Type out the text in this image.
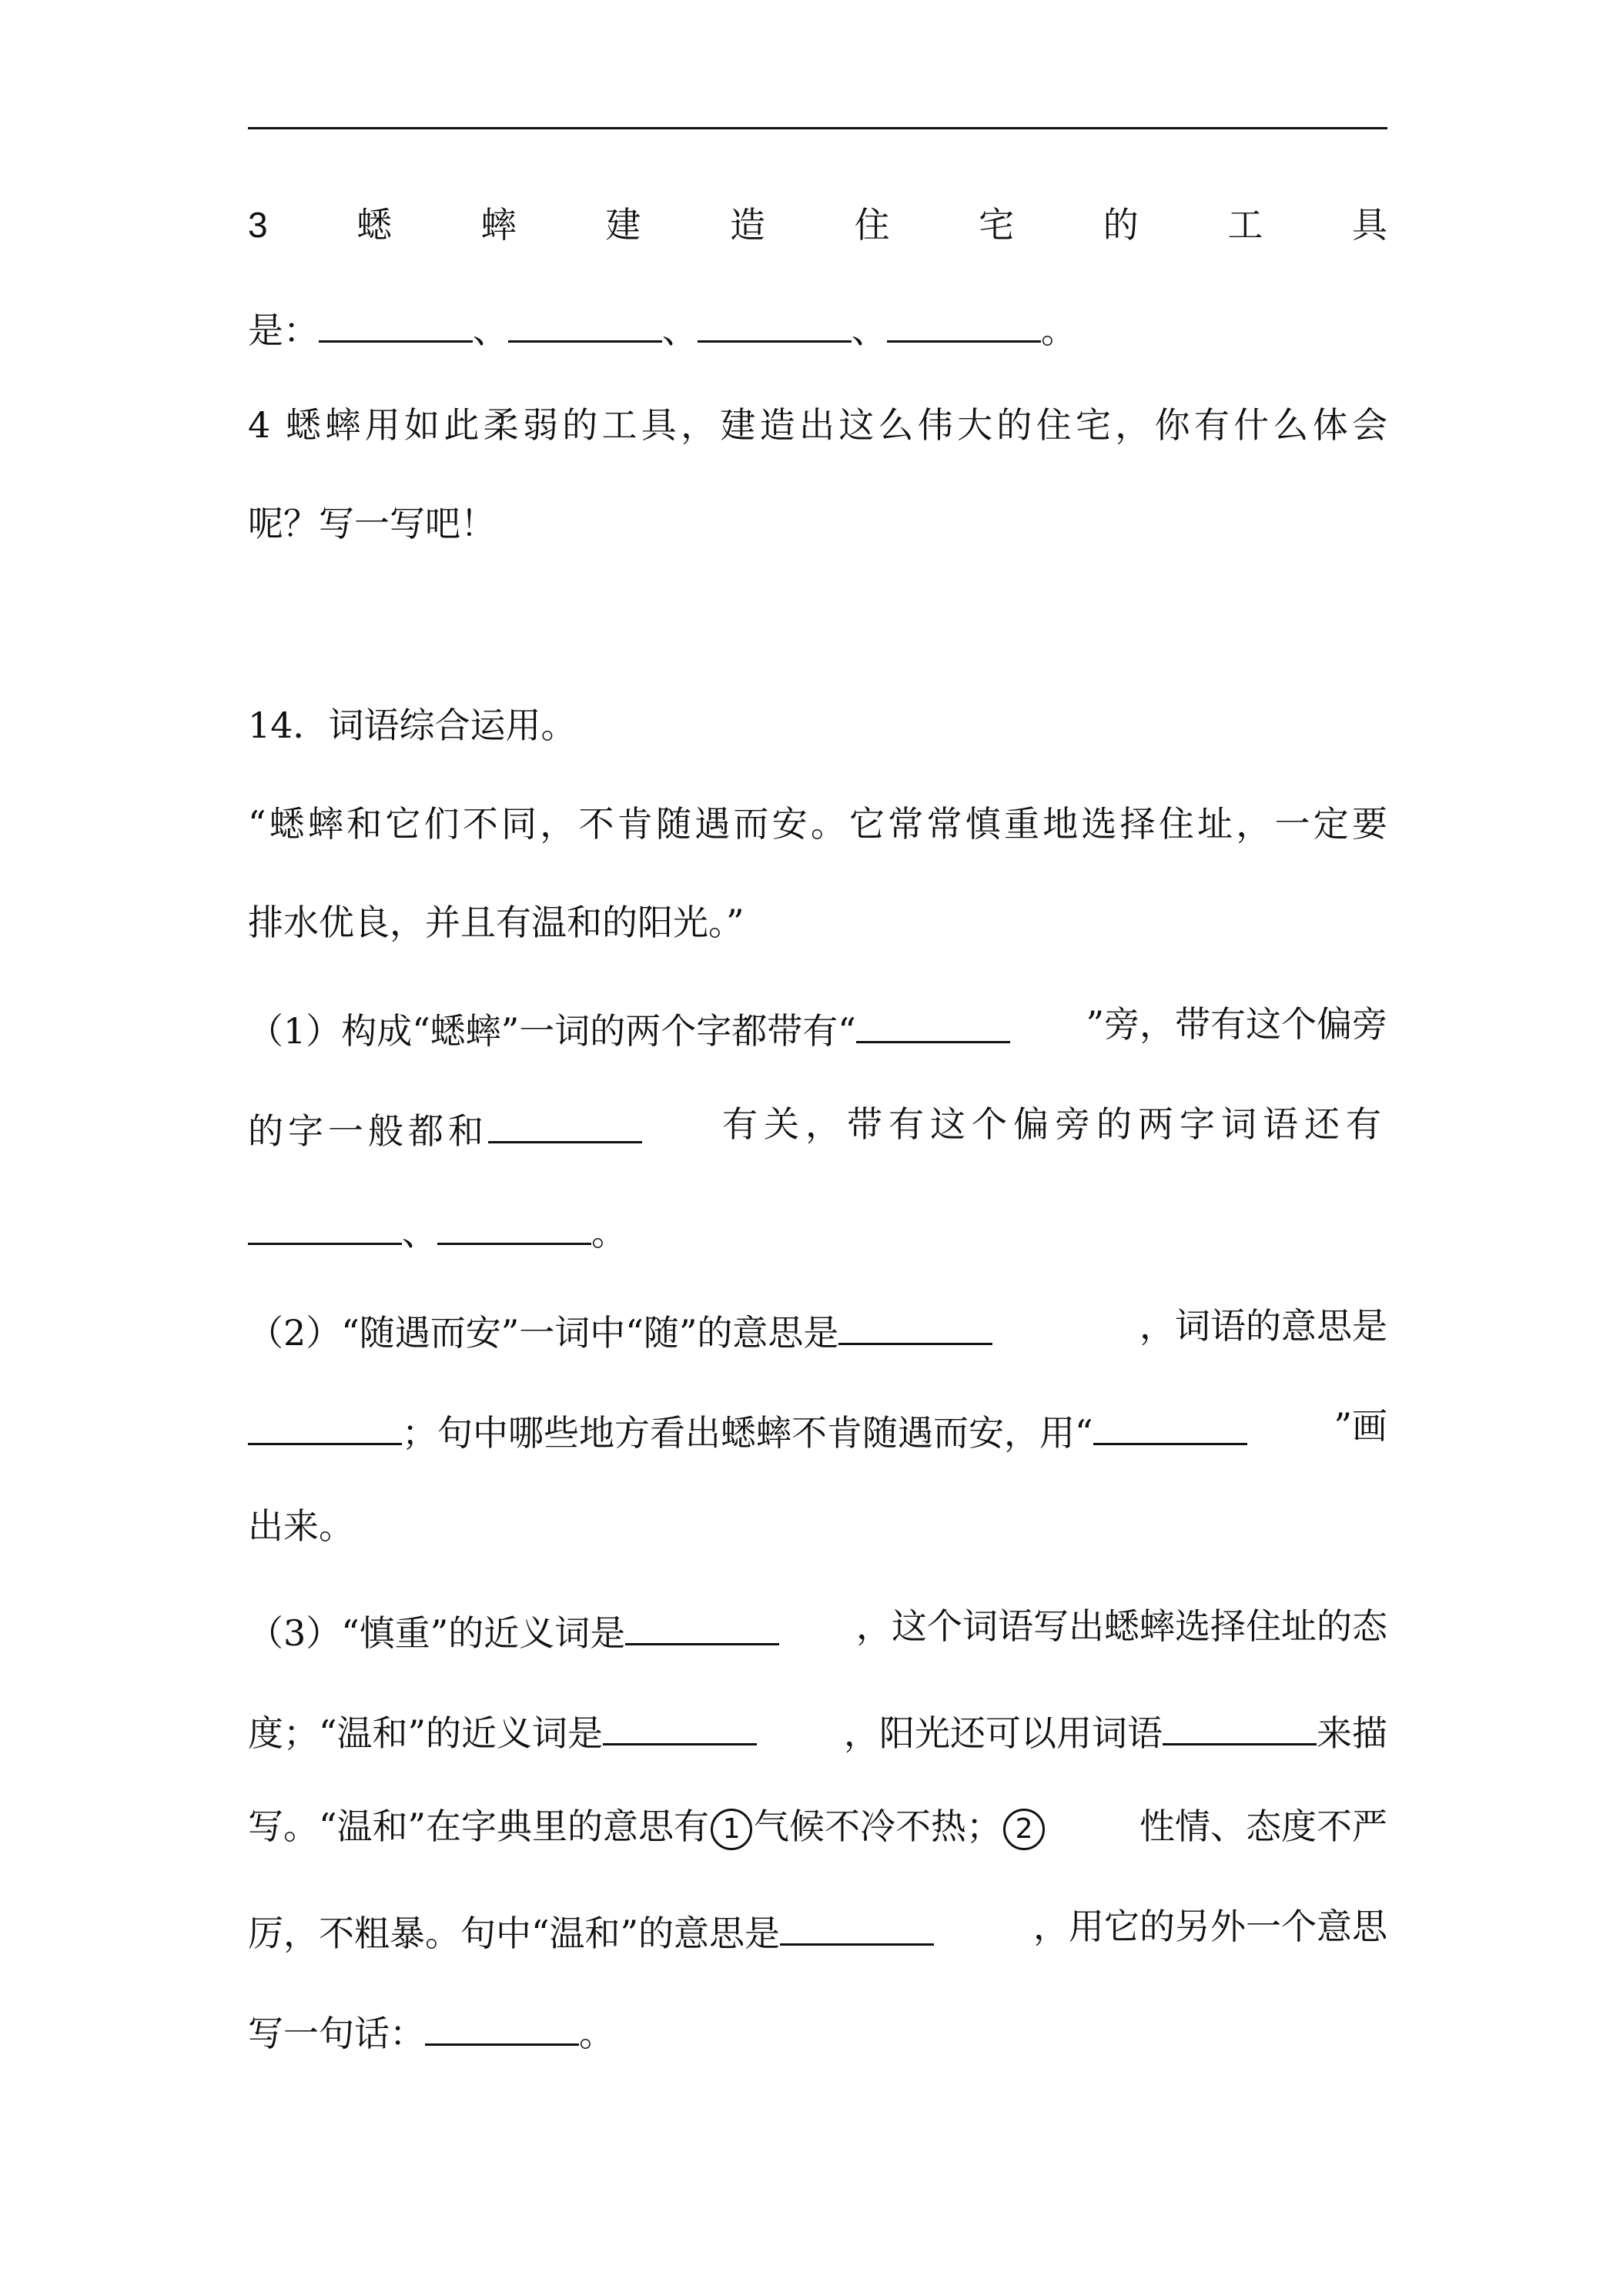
3	蟋	蟀	建	造	住	宅	的	工	具
是：	、	、	、	。
4 蟋蟀用如此柔弱的工具，建造出这么伟大的住宅，你有什么体会
呢？写一写吧！
14．词语综合运用。
“蟋蟀和它们不同，不肯随遇而安。它常常慎重地选择住址，一定要
排水优良，并且有温和的阳光。”
（1）构成“蟋蟀”一词的两个字都带有“	”旁，带有这个偏旁
的字一般都和	有关，带有这个偏旁的两字词语还有
、	。
（2）“随遇而安”一词中“随”的意思是	，词语的意思是
；句中哪些地方看出蟋蟀不肯随遇而安，用“	”画
出来。
（3）“慎重”的近义词是	，这个词语写出蟋蟀选择住址的态
度；“温和”的近义词是	，阳光还可以用词语	来描
写。“温和”在字典里的意思有 1 气候不冷不热； 2	性情、态度不严
厉，不粗暴。句中“温和”的意思是	，用它的另外一个意思
写一句话：	。
